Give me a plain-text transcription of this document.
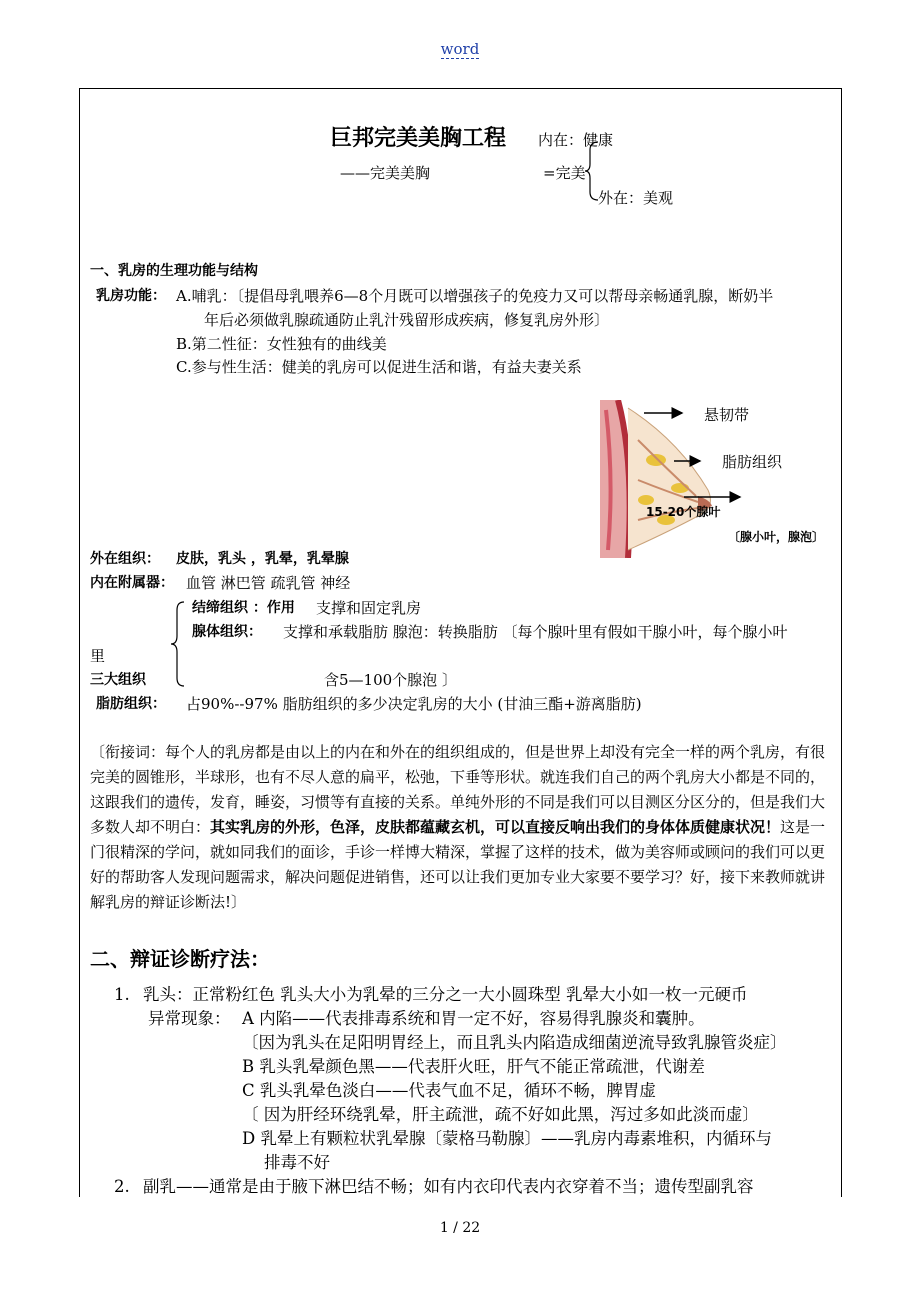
word
巨邦完美美胸工程 内在：健康
——完美美胸	=完美
外在：美观
一、乳房的生理功能与结构
乳房功能： A.哺乳：〔提倡母乳喂养6—8个月既可以增强孩子的免疫力又可以帮母亲畅通乳腺，断奶半
年后必须做乳腺疏通防止乳汁残留形成疾病，修复乳房外形〕
B.第二性征：女性独有的曲线美
C.参与性生活：健美的乳房可以促进生活和谐，有益夫妻关系
悬韧带
脂肪组织
15-20个腺叶
〔腺小叶，腺泡〕
外在组织： 皮肤，乳头 ，乳晕，乳晕腺
内在附属器： 血管 淋巴管 疏乳管 神经
结缔组织 ：作用 支撑和固定乳房
腺体组织： 支撑和承载脂肪 腺泡：转换脂肪 〔每个腺叶里有假如干腺小叶，每个腺小叶
里
三大组织	含5—100个腺泡 〕
脂肪组织： 占90%--97% 脂肪组织的多少决定乳房的大小 (甘油三酯+游离脂肪)
〔衔接词：每个人的乳房都是由以上的内在和外在的组织组成的，但是世界上却没有完全一样的两个乳房，有很完美的圆锥形，半球形，也有不尽人意的扁平，松弛，下垂等形状。就连我们自己的两个乳房大小都是不同的，这跟我们的遗传，发育，睡姿，习惯等有直接的关系。单纯外形的不同是我们可以目测区分区分的，但是我们大多数人却不明白：其实乳房的外形，色泽，皮肤都蕴藏玄机，可以直接反响出我们的身体体质健康状况！这是一门很精深的学问，就如同我们的面诊，手诊一样博大精深，掌握了这样的技术，做为美容师或顾问的我们可以更好的帮助客人发现问题需求，解决问题促进销售，还可以让我们更加专业大家要不要学习？好，接下来教师就讲解乳房的辩证诊断法!〕
二、辩证诊断疗法：
1. 乳头：正常粉红色 乳头大小为乳晕的三分之一大小圆珠型 乳晕大小如一枚一元硬币
异常现象： A 内陷——代表排毒系统和胃一定不好，容易得乳腺炎和囊肿。
〔因为乳头在足阳明胃经上，而且乳头内陷造成细菌逆流导致乳腺管炎症〕
B 乳头乳晕颜色黑——代表肝火旺，肝气不能正常疏泄，代谢差
C 乳头乳晕色淡白——代表气血不足，循环不畅，脾胃虚
〔 因为肝经环绕乳晕，肝主疏泄，疏不好如此黑，泻过多如此淡而虚〕
D 乳晕上有颗粒状乳晕腺〔蒙格马勒腺〕——乳房内毒素堆积，内循环与
排毒不好
2. 副乳——通常是由于腋下淋巴结不畅；如有内衣印代表内衣穿着不当；遗传型副乳容
1 / 22
